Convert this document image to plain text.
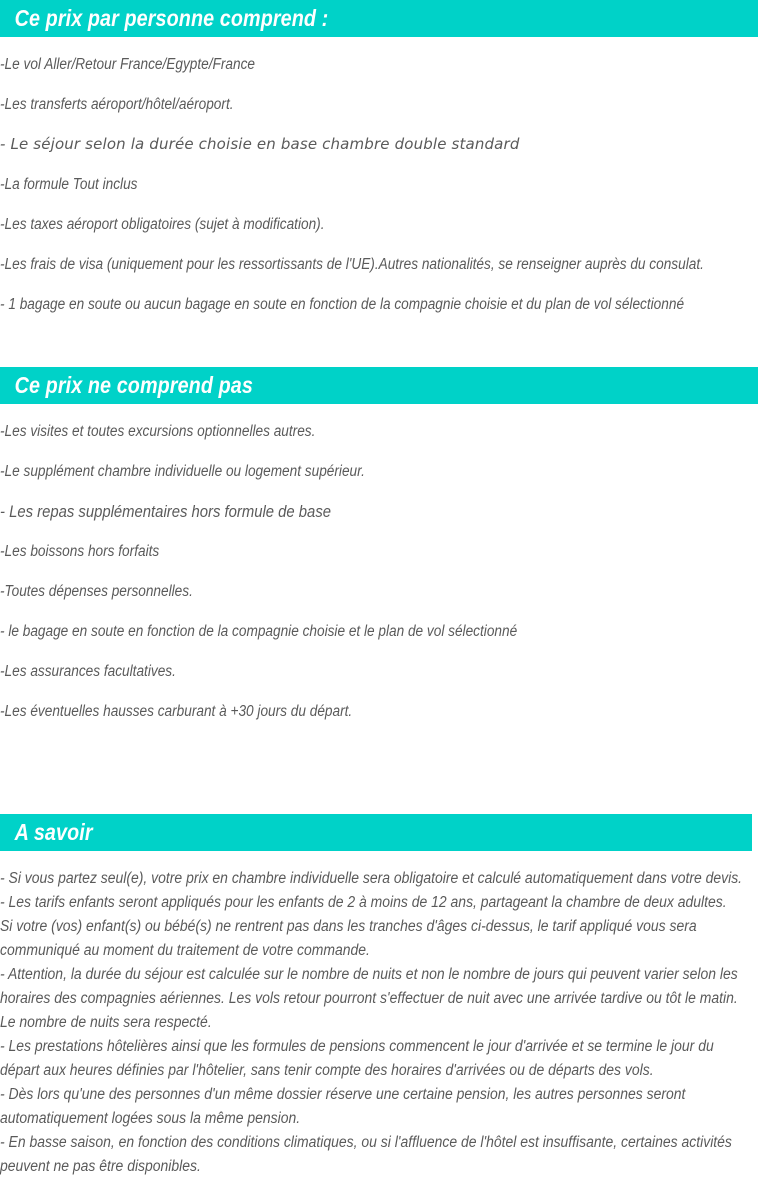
Ce prix par personne comprend :
-Le vol Aller/Retour France/Egypte/France
-Les transferts aéroport/hôtel/aéroport.
- Le séjour selon la durée choisie en base chambre double standard
-La formule Tout inclus
-Les taxes aéroport obligatoires (sujet à modification).
-Les frais de visa (uniquement pour les ressortissants de l'UE).Autres nationalités, se renseigner auprès du consulat.
- 1 bagage en soute ou aucun bagage en soute en fonction de la compagnie choisie et du plan de vol sélectionné
Ce prix ne comprend pas
-Les visites et toutes excursions optionnelles autres.
-Le supplément chambre individuelle ou logement supérieur.
- Les repas supplémentaires hors formule de base
-Les boissons hors forfaits
-Toutes dépenses personnelles.
- le bagage en soute en fonction de la compagnie choisie et le plan de vol sélectionné
-Les assurances facultatives.
-Les éventuelles hausses carburant à +30 jours du départ.
A savoir
- Si vous partez seul(e), votre prix en chambre individuelle sera obligatoire et calculé automatiquement dans votre devis.
- Les tarifs enfants seront appliqués pour les enfants de 2 à moins de 12 ans, partageant la chambre de deux adultes.
Si votre (vos) enfant(s) ou bébé(s) ne rentrent pas dans les tranches d'âges ci-dessus, le tarif appliqué vous sera
communiqué au moment du traitement de votre commande.
- Attention, la durée du séjour est calculée sur le nombre de nuits et non le nombre de jours qui peuvent varier selon les
horaires des compagnies aériennes. Les vols retour pourront s'effectuer de nuit avec une arrivée tardive ou tôt le matin.
Le nombre de nuits sera respecté.
- Les prestations hôtelières ainsi que les formules de pensions commencent le jour d'arrivée et se termine le jour du
départ aux heures définies par l'hôtelier, sans tenir compte des horaires d'arrivées ou de départs des vols.
- Dès lors qu'une des personnes d'un même dossier réserve une certaine pension, les autres personnes seront
automatiquement logées sous la même pension.
- En basse saison, en fonction des conditions climatiques, ou si l'affluence de l'hôtel est insuffisante, certaines activités
peuvent ne pas être disponibles.
